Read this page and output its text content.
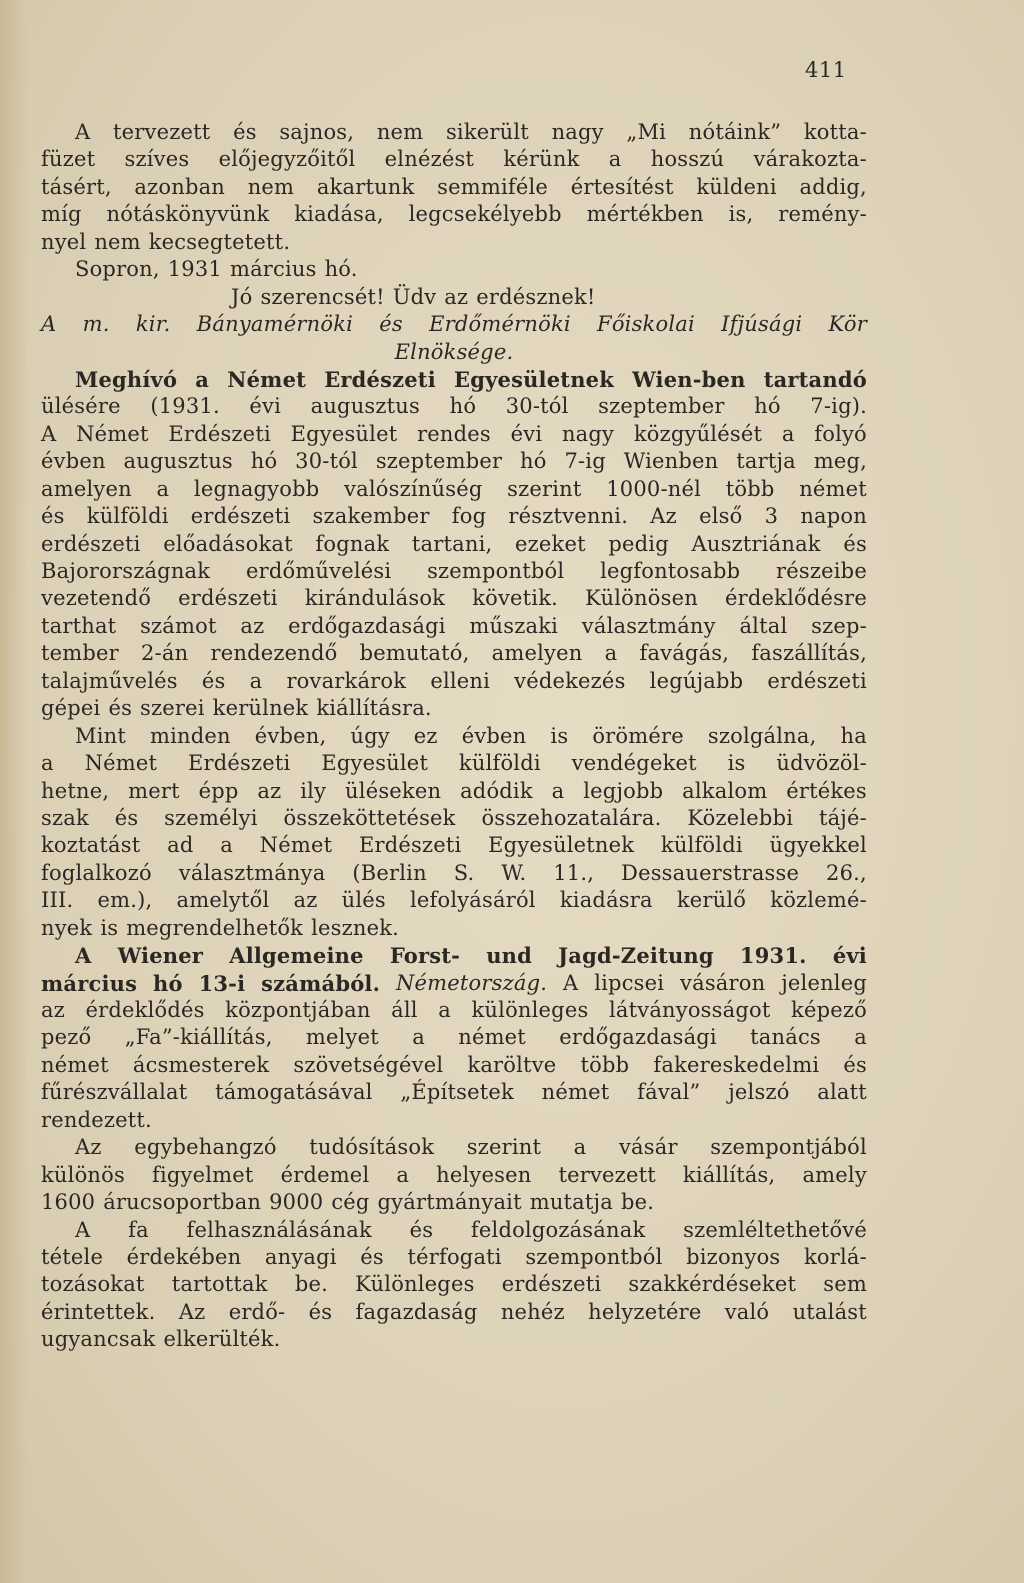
411
A tervezett és sajnos, nem sikerült nagy „Mi nótáink” kotta-
füzet szíves előjegyzőitől elnézést kérünk a hosszú várakozta-
tásért, azonban nem akartunk semmiféle értesítést küldeni addig,
míg nótáskönyvünk kiadása, legcsekélyebb mértékben is, remény-
nyel nem kecsegtetett.
Sopron, 1931 március hó.
Jó szerencsét! Üdv az erdésznek!
A m. kir. Bányamérnöki és Erdőmérnöki Főiskolai Ifjúsági Kör
Elnöksége.
Meghívó a Német Erdészeti Egyesületnek Wien-ben tartandó
ülésére (1931. évi augusztus hó 30-tól szeptember hó 7-ig).
A Német Erdészeti Egyesület rendes évi nagy közgyűlését a folyó
évben augusztus hó 30-tól szeptember hó 7-ig Wienben tartja meg,
amelyen a legnagyobb valószínűség szerint 1000-nél több német
és külföldi erdészeti szakember fog résztvenni. Az első 3 napon
erdészeti előadásokat fognak tartani, ezeket pedig Ausztriának és
Bajorországnak erdőművelési szempontból legfontosabb részeibe
vezetendő erdészeti kirándulások követik. Különösen érdeklődésre
tarthat számot az erdőgazdasági műszaki választmány által szep-
tember 2-án rendezendő bemutató, amelyen a favágás, faszállítás,
talajművelés és a rovarkárok elleni védekezés legújabb erdészeti
gépei és szerei kerülnek kiállításra.
Mint minden évben, úgy ez évben is örömére szolgálna, ha
a Német Erdészeti Egyesület külföldi vendégeket is üdvözöl-
hetne, mert épp az ily üléseken adódik a legjobb alkalom értékes
szak és személyi összeköttetések összehozatalára. Közelebbi tájé-
koztatást ad a Német Erdészeti Egyesületnek külföldi ügyekkel
foglalkozó választmánya (Berlin S. W. 11., Dessauerstrasse 26.,
III. em.), amelytől az ülés lefolyásáról kiadásra kerülő közlemé-
nyek is megrendelhetők lesznek.
A Wiener Allgemeine Forst- und Jagd-Zeitung 1931. évi
március hó 13-i számából. Németország. A lipcsei vásáron jelenleg
az érdeklődés központjában áll a különleges látványosságot képező
pező „Fa”-kiállítás, melyet a német erdőgazdasági tanács a
német ácsmesterek szövetségével karöltve több fakereskedelmi és
fűrészvállalat támogatásával „Építsetek német fával” jelszó alatt
rendezett.
Az egybehangzó tudósítások szerint a vásár szempontjából
különös figyelmet érdemel a helyesen tervezett kiállítás, amely
1600 árucsoportban 9000 cég gyártmányait mutatja be.
A fa felhasználásának és feldolgozásának szemléltethetővé
tétele érdekében anyagi és térfogati szempontból bizonyos korlá-
tozásokat tartottak be. Különleges erdészeti szakkérdéseket sem
érintettek. Az erdő- és fagazdaság nehéz helyzetére való utalást
ugyancsak elkerülték.
